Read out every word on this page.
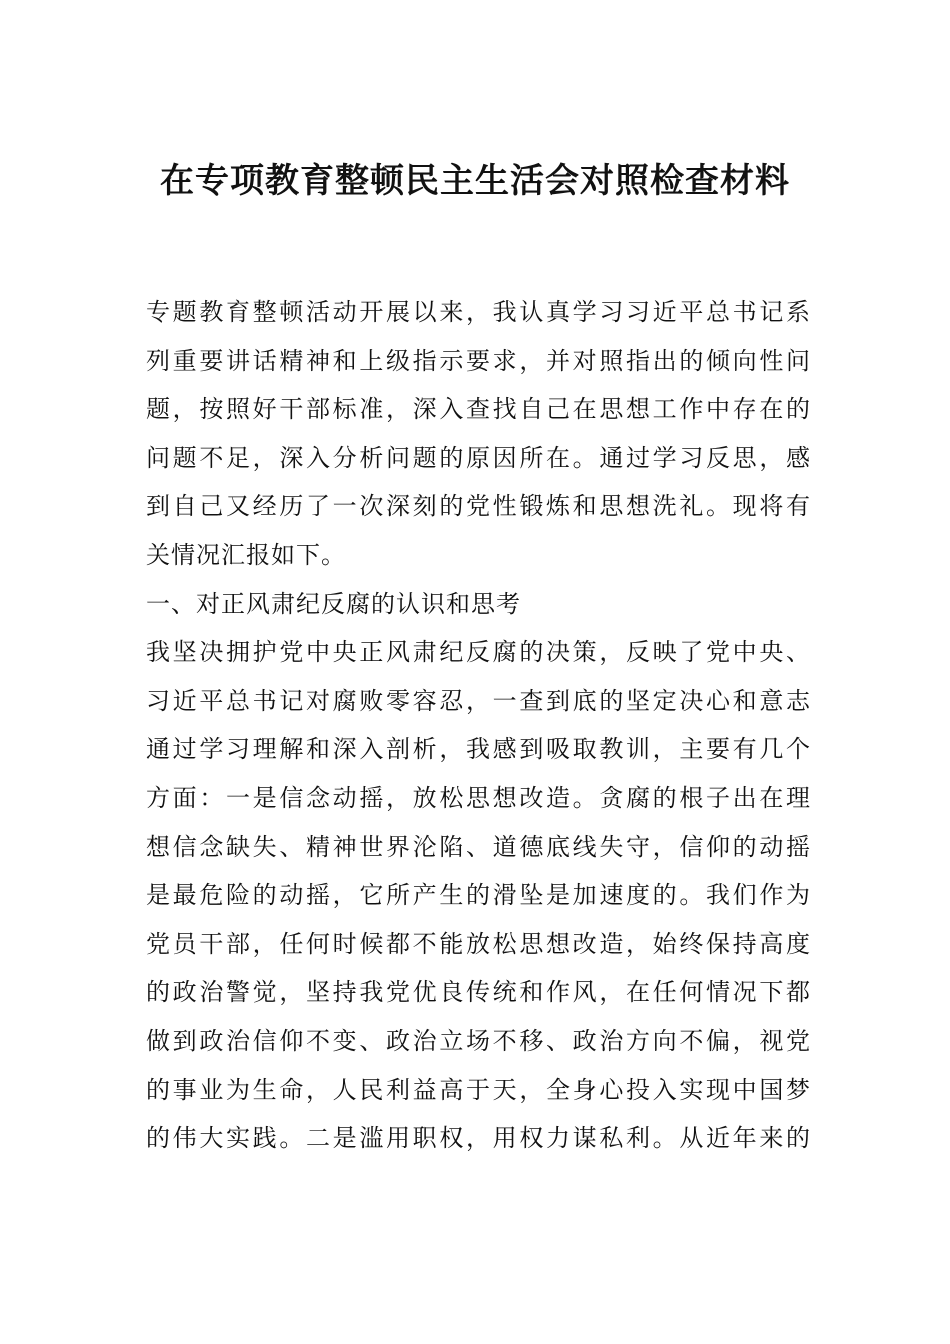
在专项教育整顿民主生活会对照检查材料
专题教育整顿活动开展以来，我认真学习习近平总书记系
列重要讲话精神和上级指示要求，并对照指出的倾向性问
题，按照好干部标准，深入查找自己在思想工作中存在的
问题不足，深入分析问题的原因所在。通过学习反思，感
到自己又经历了一次深刻的党性锻炼和思想洗礼。现将有
关情况汇报如下。
一、对正风肃纪反腐的认识和思考
我坚决拥护党中央正风肃纪反腐的决策，反映了党中央、
习近平总书记对腐败零容忍，一查到底的坚定决心和意志
通过学习理解和深入剖析，我感到吸取教训，主要有几个
方面：一是信念动摇，放松思想改造。贪腐的根子出在理
想信念缺失、精神世界沦陷、道德底线失守，信仰的动摇
是最危险的动摇，它所产生的滑坠是加速度的。我们作为
党员干部，任何时候都不能放松思想改造，始终保持高度
的政治警觉，坚持我党优良传统和作风，在任何情况下都
做到政治信仰不变、政治立场不移、政治方向不偏，视党
的事业为生命，人民利益高于天，全身心投入实现中国梦
的伟大实践。二是滥用职权，用权力谋私利。从近年来的
